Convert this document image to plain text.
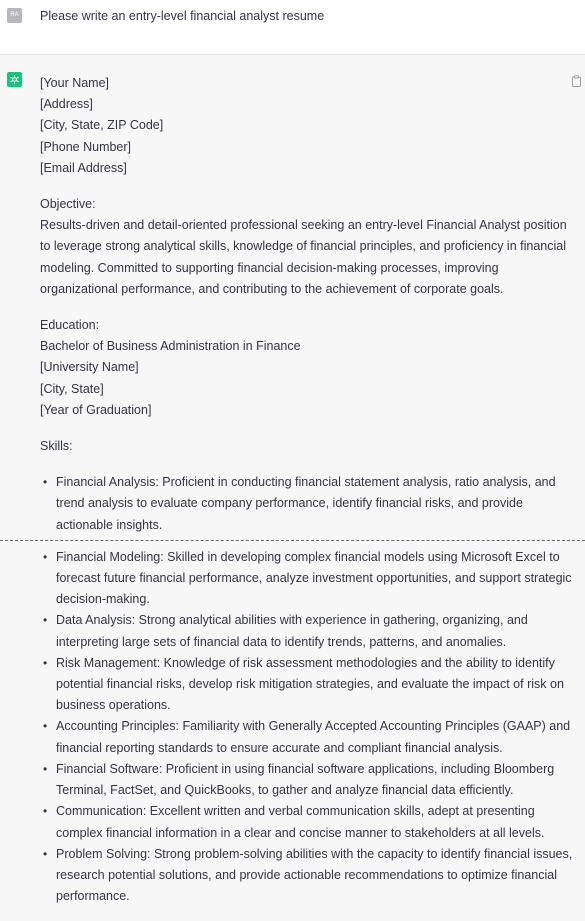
RA Please write an entry-level financial analyst resume
[Your Name]
[Address]
[City, State, ZIP Code]
[Phone Number]
[Email Address]
Objective:
Results-driven and detail-oriented professional seeking an entry-level Financial Analyst position
to leverage strong analytical skills, knowledge of financial principles, and proficiency in financial
modeling. Committed to supporting financial decision-making processes, improving
organizational performance, and contributing to the achievement of corporate goals.
Education:
Bachelor of Business Administration in Finance
[University Name]
[City, State]
[Year of Graduation]
Skills:
• Financial Analysis: Proficient in conducting financial statement analysis, ratio analysis, and
trend analysis to evaluate company performance, identify financial risks, and provide
actionable insights.
• Financial Modeling: Skilled in developing complex financial models using Microsoft Excel to
forecast future financial performance, analyze investment opportunities, and support strategic
decision-making.
• Data Analysis: Strong analytical abilities with experience in gathering, organizing, and
interpreting large sets of financial data to identify trends, patterns, and anomalies.
• Risk Management: Knowledge of risk assessment methodologies and the ability to identify
potential financial risks, develop risk mitigation strategies, and evaluate the impact of risk on
business operations.
• Accounting Principles: Familiarity with Generally Accepted Accounting Principles (GAAP) and
financial reporting standards to ensure accurate and compliant financial analysis.
• Financial Software: Proficient in using financial software applications, including Bloomberg
Terminal, FactSet, and QuickBooks, to gather and analyze financial data efficiently.
• Communication: Excellent written and verbal communication skills, adept at presenting
complex financial information in a clear and concise manner to stakeholders at all levels.
• Problem Solving: Strong problem-solving abilities with the capacity to identify financial issues,
research potential solutions, and provide actionable recommendations to optimize financial
performance.
